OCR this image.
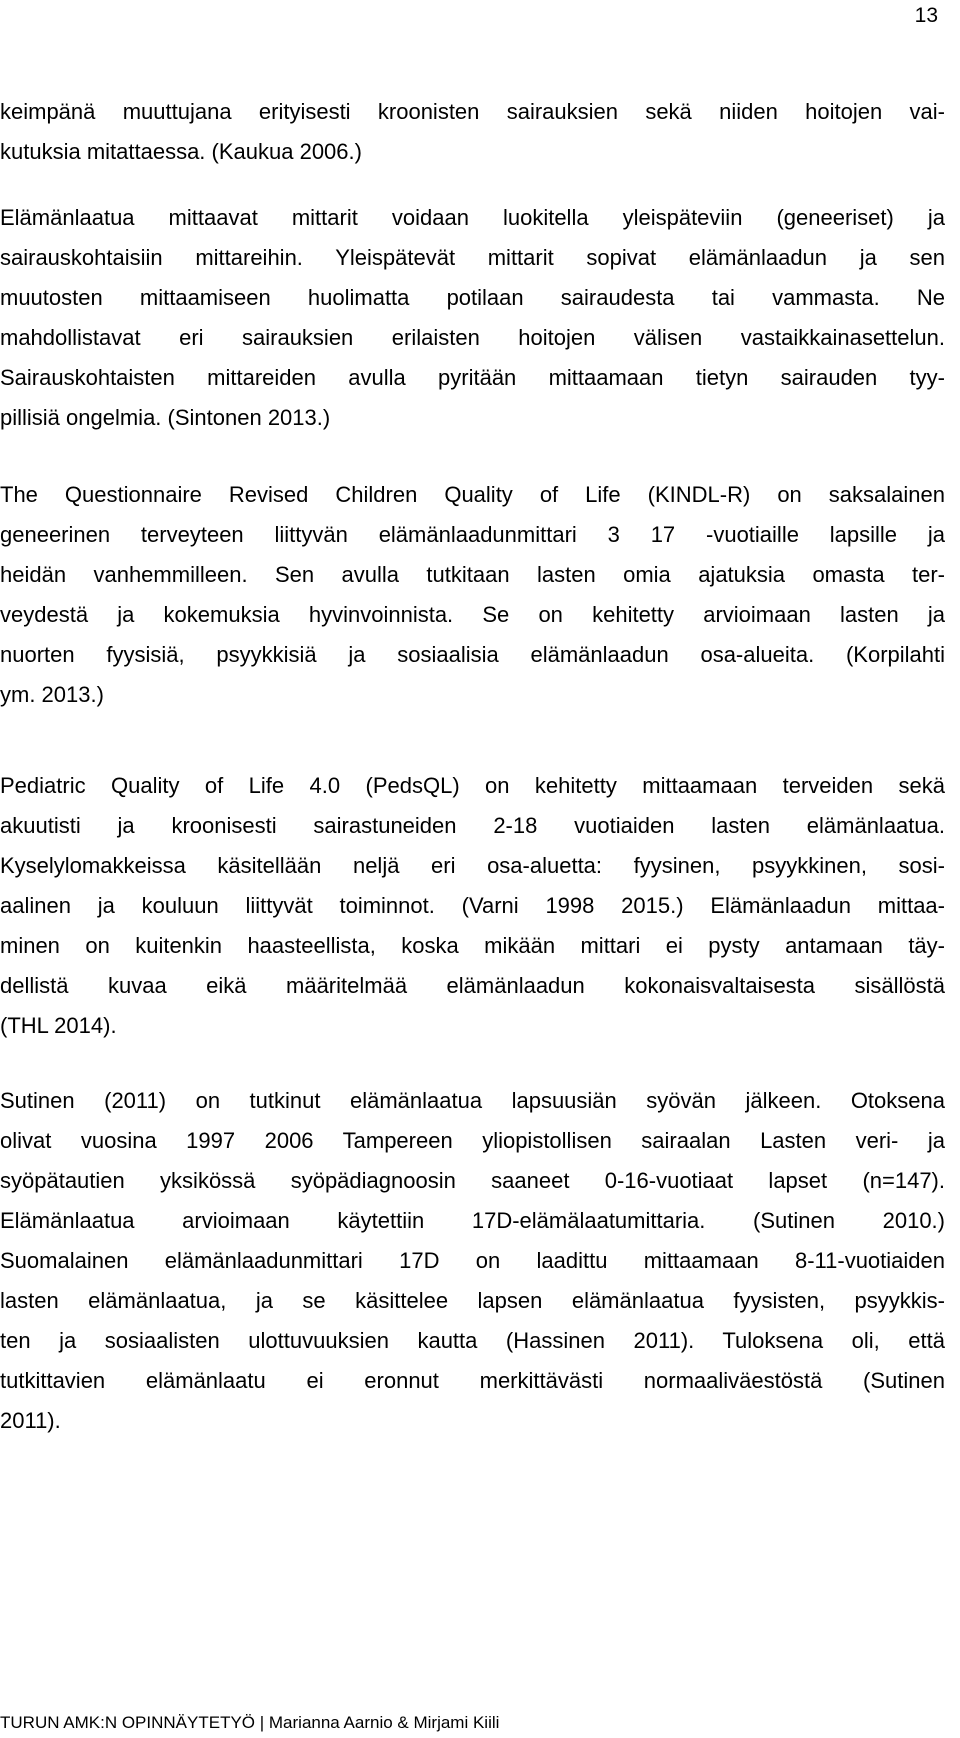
13
keimpänä muuttujana erityisesti kroonisten sairauksien sekä niiden hoitojen vai-
kutuksia mitattaessa. (Kaukua 2006.)
Elämänlaatua mittaavat mittarit voidaan luokitella yleispäteviin (geneeriset) ja
sairauskohtaisiin mittareihin. Yleispätevät mittarit sopivat elämänlaadun ja sen
muutosten mittaamiseen huolimatta potilaan sairaudesta tai vammasta. Ne
mahdollistavat eri sairauksien erilaisten hoitojen välisen vastaikkainasettelun.
Sairauskohtaisten mittareiden avulla pyritään mittaamaan tietyn sairauden tyy-
pillisiä ongelmia. (Sintonen 2013.)
The Questionnaire Revised Children Quality of Life (KINDL-R) on saksalainen
geneerinen terveyteen liittyvän elämänlaadunmittari 3 17 -vuotiaille lapsille ja
heidän vanhemmilleen. Sen avulla tutkitaan lasten omia ajatuksia omasta ter-
veydestä ja kokemuksia hyvinvoinnista. Se on kehitetty arvioimaan lasten ja
nuorten fyysisiä, psyykkisiä ja sosiaalisia elämänlaadun osa-alueita. (Korpilahti
ym. 2013.)
Pediatric Quality of Life 4.0 (PedsQL) on kehitetty mittaamaan terveiden sekä
akuutisti ja kroonisesti sairastuneiden 2-18 vuotiaiden lasten elämänlaatua.
Kyselylomakkeissa käsitellään neljä eri osa-aluetta: fyysinen, psyykkinen, sosi-
aalinen ja kouluun liittyvät toiminnot. (Varni 1998 2015.) Elämänlaadun mittaa-
minen on kuitenkin haasteellista, koska mikään mittari ei pysty antamaan täy-
dellistä kuvaa eikä määritelmää elämänlaadun kokonaisvaltaisesta sisällöstä
(THL 2014).
Sutinen (2011) on tutkinut elämänlaatua lapsuusiän syövän jälkeen. Otoksena
olivat vuosina 1997 2006 Tampereen yliopistollisen sairaalan Lasten veri- ja
syöpätautien yksikössä syöpädiagnoosin saaneet 0-16-vuotiaat lapset (n=147).
Elämänlaatua arvioimaan käytettiin 17D-elämälaatumittaria. (Sutinen 2010.)
Suomalainen elämänlaadunmittari 17D on laadittu mittaamaan 8-11-vuotiaiden
lasten elämänlaatua, ja se käsittelee lapsen elämänlaatua fyysisten, psyykkis-
ten ja sosiaalisten ulottuvuuksien kautta (Hassinen 2011). Tuloksena oli, että
tutkittavien elämänlaatu ei eronnut merkittävästi normaaliväestöstä (Sutinen
2011).
TURUN AMK:N OPINNÄYTETYÖ | Marianna Aarnio & Mirjami Kiili
